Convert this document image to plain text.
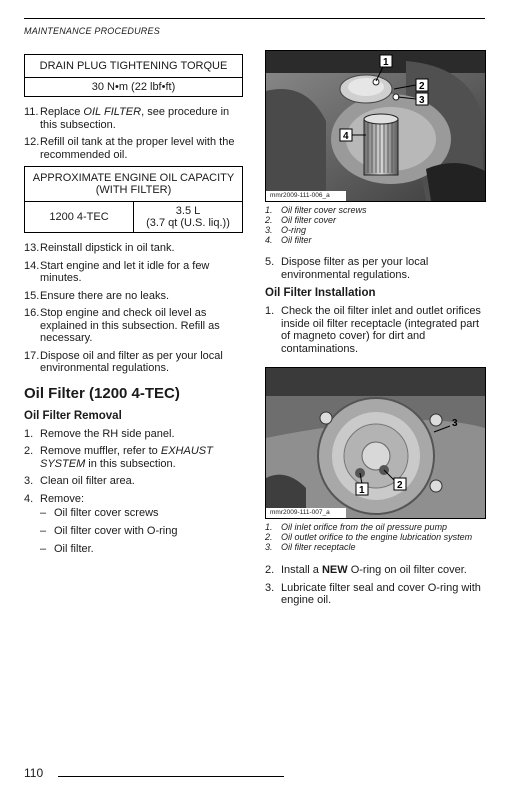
MAINTENANCE PROCEDURES
DRAIN PLUG TIGHTENING TORQUE
30 N•m (22 lbf•ft)
11. Replace OIL FILTER, see procedure in this subsection.
12. Refill oil tank at the proper level with the recommended oil.
APPROXIMATE ENGINE OIL CAPACITY (WITH FILTER)
1200 4-TEC	3.5 L
(3.7 qt (U.S. liq.))
13. Reinstall dipstick in oil tank.
14. Start engine and let it idle for a few minutes.
15. Ensure there are no leaks.
16. Stop engine and check oil level as explained in this subsection. Refill as necessary.
17. Dispose oil and filter as per your local environmental regulations.
Oil Filter (1200 4-TEC)
Oil Filter Removal
1. Remove the RH side panel.
2. Remove muffler, refer to EXHAUST SYSTEM in this subsection.
3. Clean oil filter area.
4. Remove:
– Oil filter cover screws
– Oil filter cover with O-ring
– Oil filter.
1
2
3
4
mmr2009-111-006_a
1. Oil filter cover screws
2. Oil filter cover
3. O-ring
4. Oil filter
5. Dispose filter as per your local environmental regulations.
Oil Filter Installation
1. Check the oil filter inlet and outlet orifices inside oil filter receptacle (integrated part of magneto cover) for dirt and contaminations.
1	2
3
mmr2009-111-007_a
1. Oil inlet orifice from the oil pressure pump
2. Oil outlet orifice to the engine lubrication system
3. Oil filter receptacle
2. Install a NEW O-ring on oil filter cover.
3. Lubricate filter seal and cover O-ring with engine oil.
110
